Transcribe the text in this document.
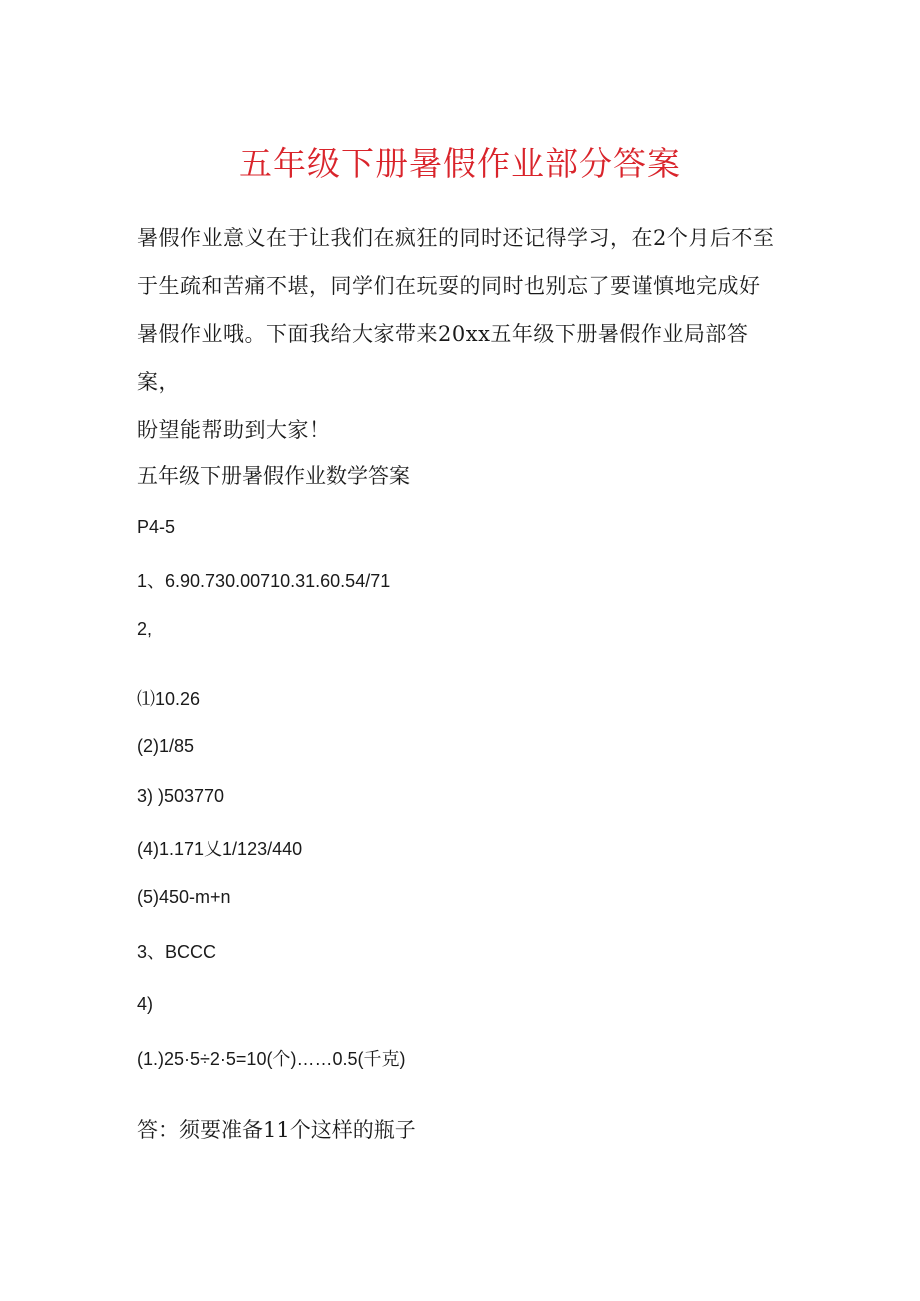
五年级下册暑假作业部分答案
暑假作业意义在于让我们在疯狂的同时还记得学习，在2个月后不至
于生疏和苦痛不堪，同学们在玩耍的同时也别忘了要谨慎地完成好
暑假作业哦。下面我给大家带来20xx五年级下册暑假作业局部答案，
盼望能帮助到大家！
五年级下册暑假作业数学答案
P4-5
1、6.90.730.00710.31.60.54/71
2,
⑴10.26
(2)1/85
3) )503770
(4)1.171乂1/123/440
(5)450-m+n
3、BCCC
4)
(1.)25·5÷2·5=10(个)……0.5(千克)
答：须要准备11个这样的瓶子
